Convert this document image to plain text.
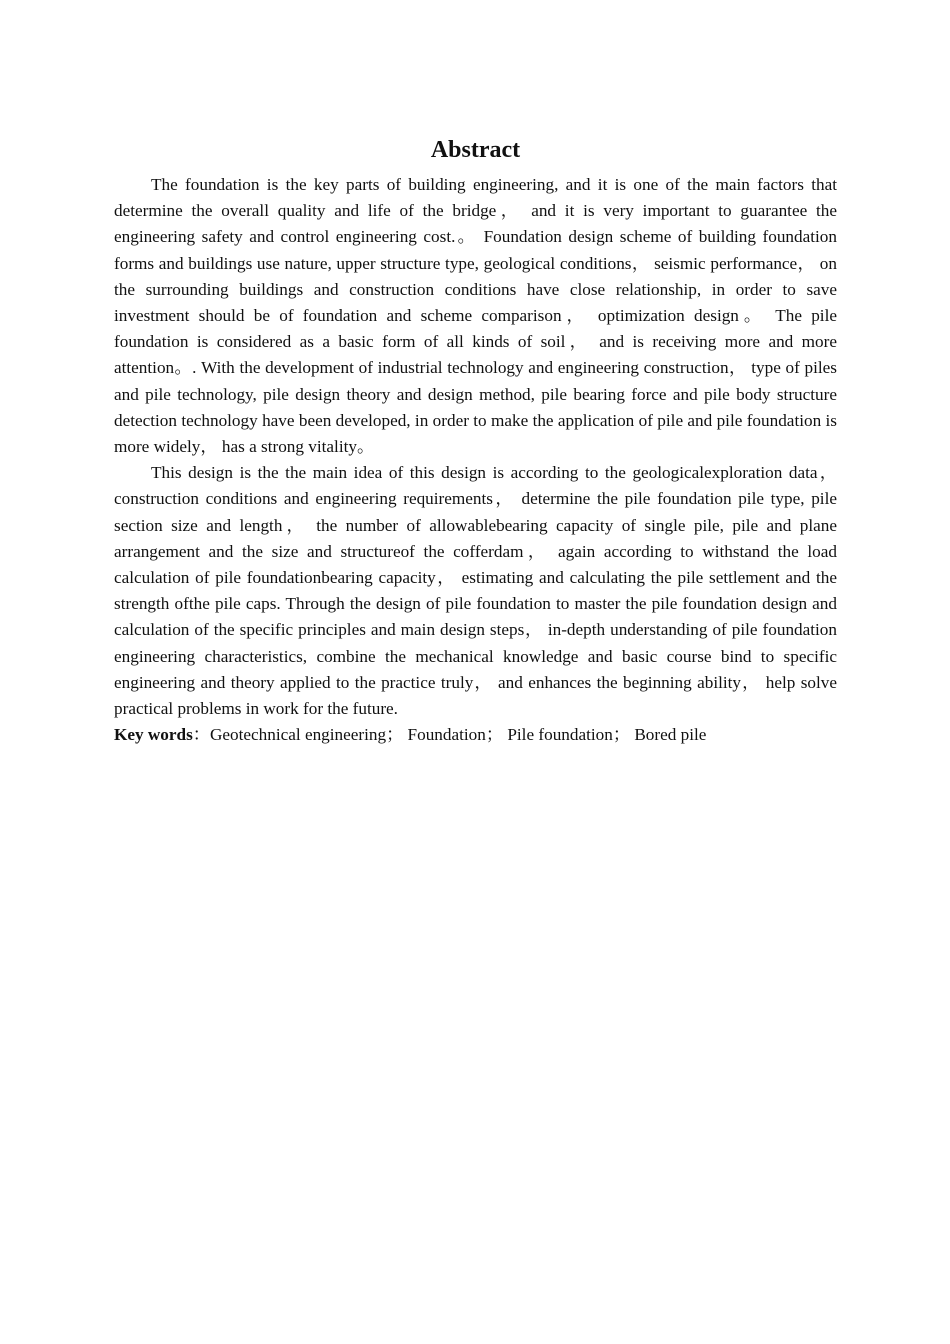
Abstract

The foundation is the key parts of building engineering, and it is one of the main factors that determine the overall quality and life of the bridge， and it is very important to guarantee the engineering safety and control engineering cost.。 Foundation design scheme of building foundation forms and buildings use nature, upper structure type, geological conditions， seismic performance， on the surrounding buildings and construction conditions have close relationship, in order to save investment should be of foundation and scheme comparison， optimization design。 The pile foundation is considered as a basic form of all kinds of soil， and is receiving more and more attention。. With the development of industrial technology and engineering construction， type of piles and pile technology, pile design theory and design method, pile bearing force and pile body structure detection technology have been developed, in order to make the application of pile and pile foundation is more widely， has a strong vitality。

This design is the the main idea of this design is according to the geologicalexploration data， construction conditions and engineering requirements， determine the pile foundation pile type, pile section size and length， the number of allowablebearing capacity of single pile, pile and plane arrangement and the size and structureof the cofferdam， again according to withstand the load calculation of pile foundationbearing capacity， estimating and calculating the pile settlement and the strength ofthe pile caps. Through the design of pile foundation to master the pile foundation design and calculation of the specific principles and main design steps， in-depth understanding of pile foundation engineering characteristics, combine the mechanical knowledge and basic course bind to specific engineering and theory applied to the practice truly， and enhances the beginning ability， help solve practical problems in work for the future.

Key words：Geotechnical engineering； Foundation； Pile foundation； Bored pile
